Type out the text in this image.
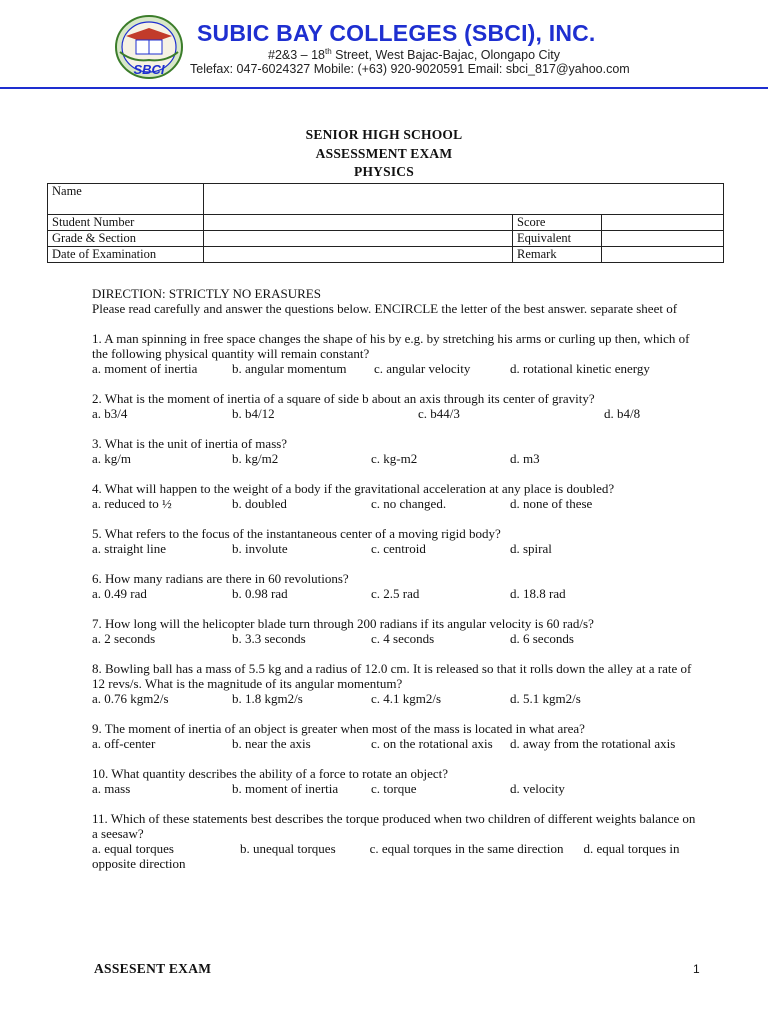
SBCI
SUBIC BAY COLLEGES (SBCI), INC.
#2&3 – 18th Street, West Bajac-Bajac, Olongapo City
Telefax: 047-6024327 Mobile: (+63) 920-9020591 Email: sbci_817@yahoo.com
SENIOR HIGH SCHOOL
ASSESSMENT EXAM
PHYSICS
Name			
Student Number		Score	
Grade & Section		Equivalent	
Date of Examination		Remark	

DIRECTION: STRICTLY NO ERASURES

Please read carefully and answer the questions below. ENCIRCLE the letter of the best answer. separate sheet of

1. A man spinning in free space changes the shape of his by e.g. by stretching his arms or curling up then, which of the following physical quantity will remain constant?

a. moment of inertia	b. angular momentum c. angular velocity	d. rotational kinetic energy

2. What is the moment of inertia of a square of side b about an axis through its center of gravity?

a. b3/4	b. b4/12	c. b44/3	d. b4/8

3. What is the unit of inertia of mass?

a. kg/m	b. kg/m2	c. kg-m2	d. m3

4. What will happen to the weight of a body if the gravitational acceleration at any place is doubled?

a. reduced to ½	b. doubled	c. no changed.	d. none of these

5. What refers to the focus of the instantaneous center of a moving rigid body?

a. straight line	b. involute	c. centroid	d. spiral

6. How many radians are there in 60 revolutions?

a. 0.49 rad	b. 0.98 rad	c. 2.5 rad	d. 18.8 rad

7. How long will the helicopter blade turn through 200 radians if its angular velocity is 60 rad/s?

a. 2 seconds	b. 3.3 seconds	c. 4 seconds	d. 6 seconds

8. Bowling ball has a mass of 5.5 kg and a radius of 12.0 cm. It is released so that it rolls down the alley at a rate of 12 revs/s. What is the magnitude of its angular momentum?

a. 0.76 kgm2/s	b. 1.8 kgm2/s	c. 4.1 kgm2/s	d. 5.1 kgm2/s

9. The moment of inertia of an object is greater when most of the mass is located in what area?

a. off-center	b. near the axis	c. on the rotational axis d. away from the rotational axis

10. What quantity describes the ability of a force to rotate an object?

a. mass	b. moment of inertia	c. torque	d. velocity

11. Which of these statements best describes the torque produced when two children of different weights balance on a seesaw?

a. equal torques	b. unequal torques	c. equal torques in the same direction d. equal torques in opposite direction
ASSESENT EXAM	1
